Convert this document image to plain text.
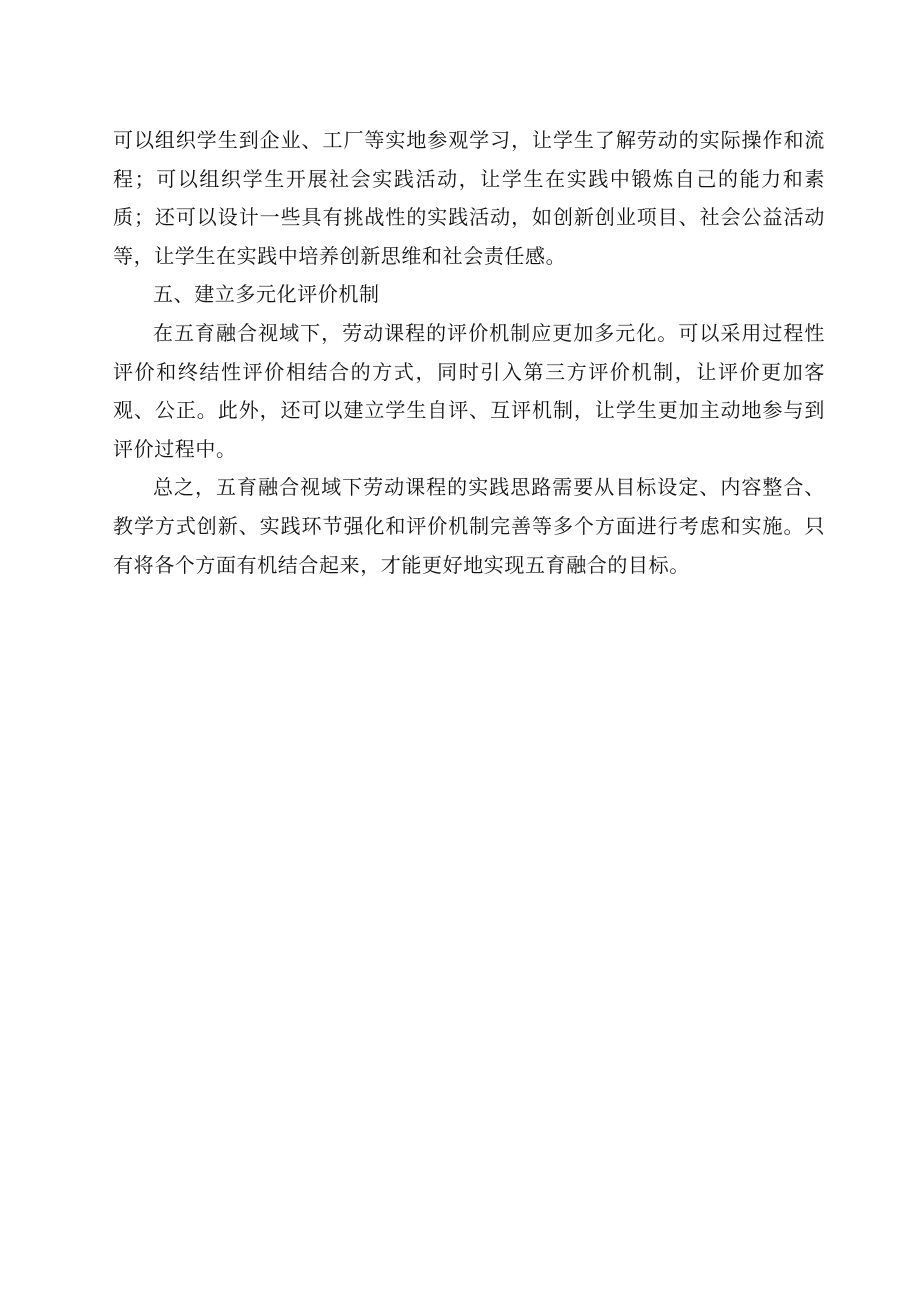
可以组织学生到企业、工厂等实地参观学习，让学生了解劳动的实际操作和流程；可以组织学生开展社会实践活动，让学生在实践中锻炼自己的能力和素质；还可以设计一些具有挑战性的实践活动，如创新创业项目、社会公益活动等，让学生在实践中培养创新思维和社会责任感。

五、建立多元化评价机制

在五育融合视域下，劳动课程的评价机制应更加多元化。可以采用过程性评价和终结性评价相结合的方式，同时引入第三方评价机制，让评价更加客观、公正。此外，还可以建立学生自评、互评机制，让学生更加主动地参与到评价过程中。

总之，五育融合视域下劳动课程的实践思路需要从目标设定、内容整合、教学方式创新、实践环节强化和评价机制完善等多个方面进行考虑和实施。只有将各个方面有机结合起来，才能更好地实现五育融合的目标。
